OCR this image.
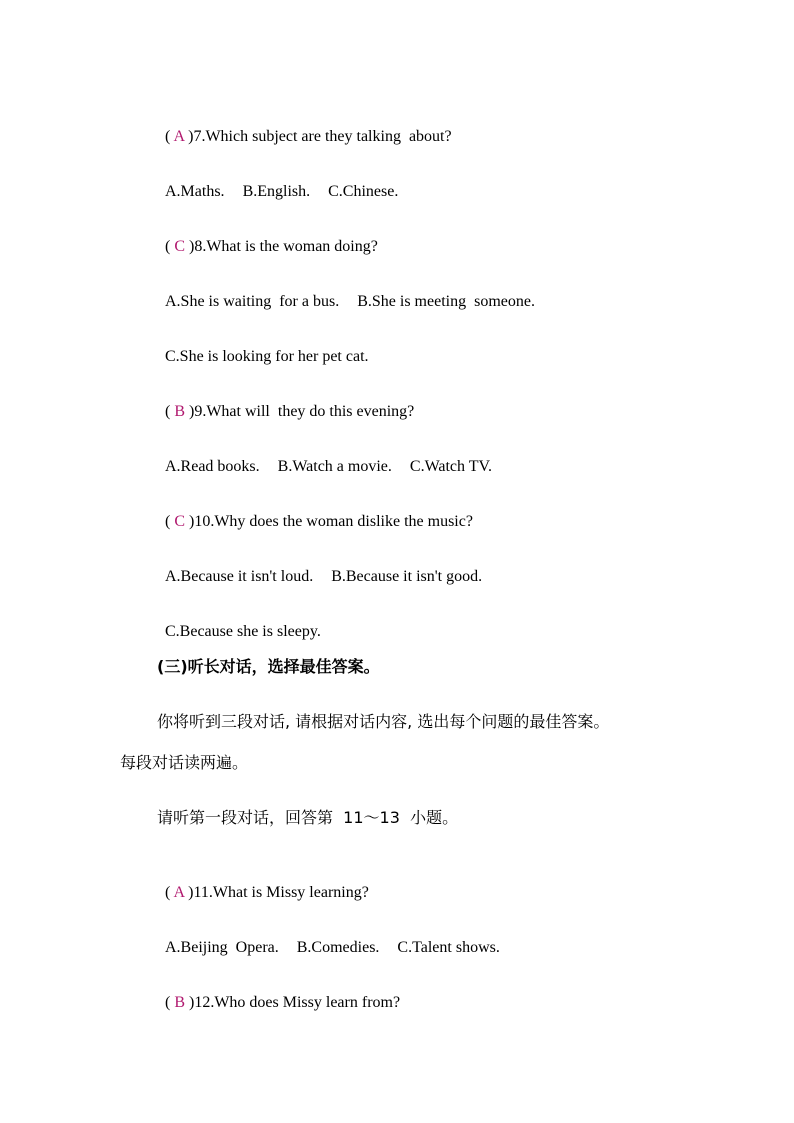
( A )7.Which subject are they talking  about?

A.Maths. B.English. C.Chinese.

( C )8.What is the woman doing?

A.She is waiting  for a bus. B.She is meeting  someone.

C.She is looking for her pet cat.

( B )9.What will  they do this evening?

A.Read books. B.Watch a movie. C.Watch TV.

( C )10.Why does the woman dislike the music?

A.Because it isn't loud. B.Because it isn't good.

C.Because she is sleepy.

(三)听长对话，选择最佳答案。
你将听到三段对话, 请根据对话内容, 选出每个问题的最佳答案。
每段对话读两遍。
请听第一段对话，回答第  11～13  小题。

( A )11.What is Missy learning?

A.Beijing  Opera. B.Comedies. C.Talent shows.

( B )12.Who does Missy learn from?
